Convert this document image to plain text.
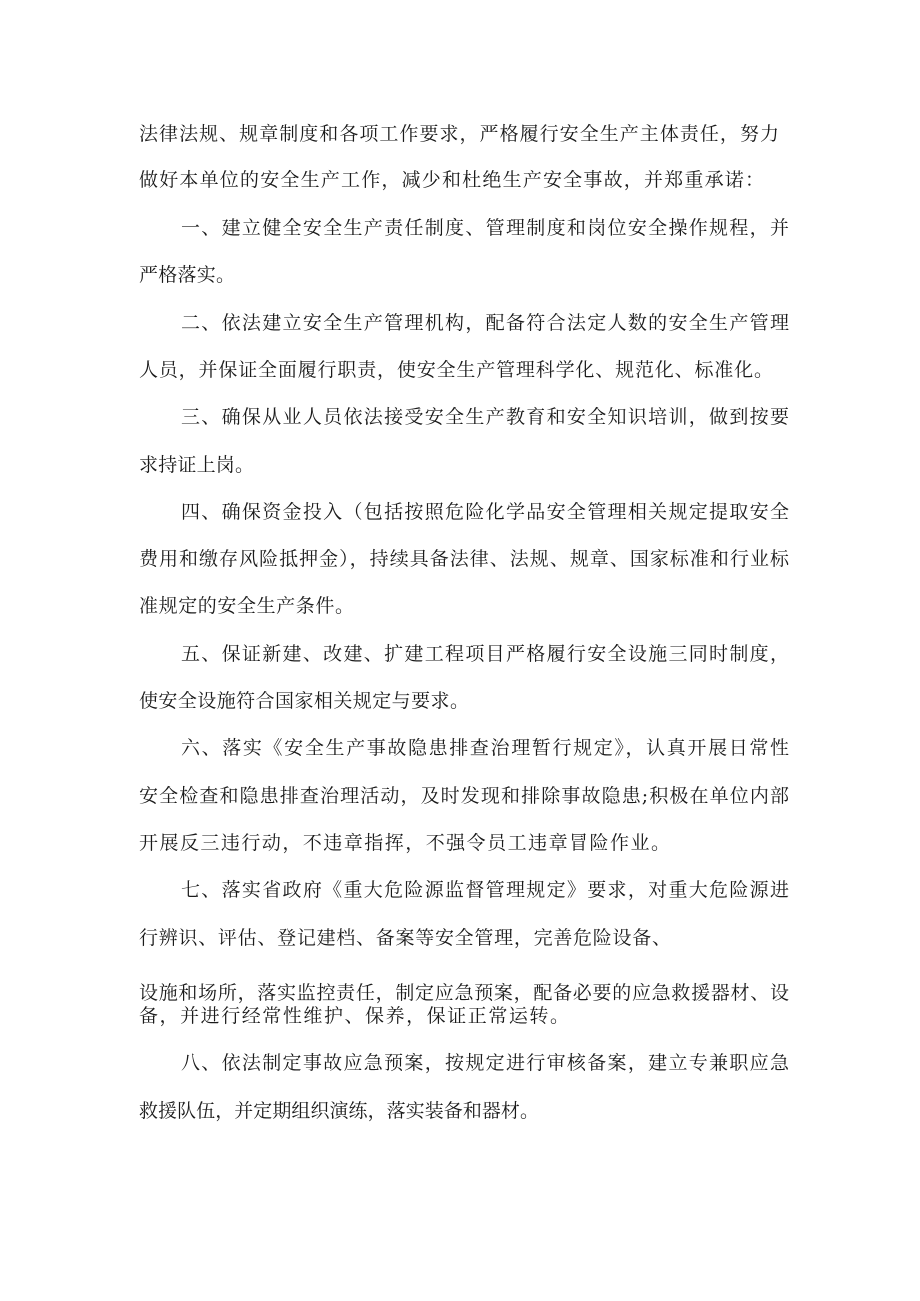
法律法规、规章制度和各项工作要求，严格履行安全生产主体责任，努力
做好本单位的安全生产工作，减少和杜绝生产安全事故，并郑重承诺：
一、建立健全安全生产责任制度、管理制度和岗位安全操作规程，并
严格落实。
二、依法建立安全生产管理机构，配备符合法定人数的安全生产管理
人员，并保证全面履行职责，使安全生产管理科学化、规范化、标准化。
三、确保从业人员依法接受安全生产教育和安全知识培训，做到按要
求持证上岗。
四、确保资金投入（包括按照危险化学品安全管理相关规定提取安全
费用和缴存风险抵押金），持续具备法律、法规、规章、国家标准和行业标
准规定的安全生产条件。
五、保证新建、改建、扩建工程项目严格履行安全设施三同时制度，
使安全设施符合国家相关规定与要求。
六、落实《安全生产事故隐患排查治理暂行规定》，认真开展日常性
安全检查和隐患排查治理活动，及时发现和排除事故隐患;积极在单位内部
开展反三违行动，不违章指挥，不强令员工违章冒险作业。
七、落实省政府《重大危险源监督管理规定》要求，对重大危险源进
行辨识、评估、登记建档、备案等安全管理，完善危险设备、
设施和场所，落实监控责任，制定应急预案，配备必要的应急救援器材、设
备，并进行经常性维护、保养，保证正常运转。
八、依法制定事故应急预案，按规定进行审核备案，建立专兼职应急
救援队伍，并定期组织演练，落实装备和器材。
